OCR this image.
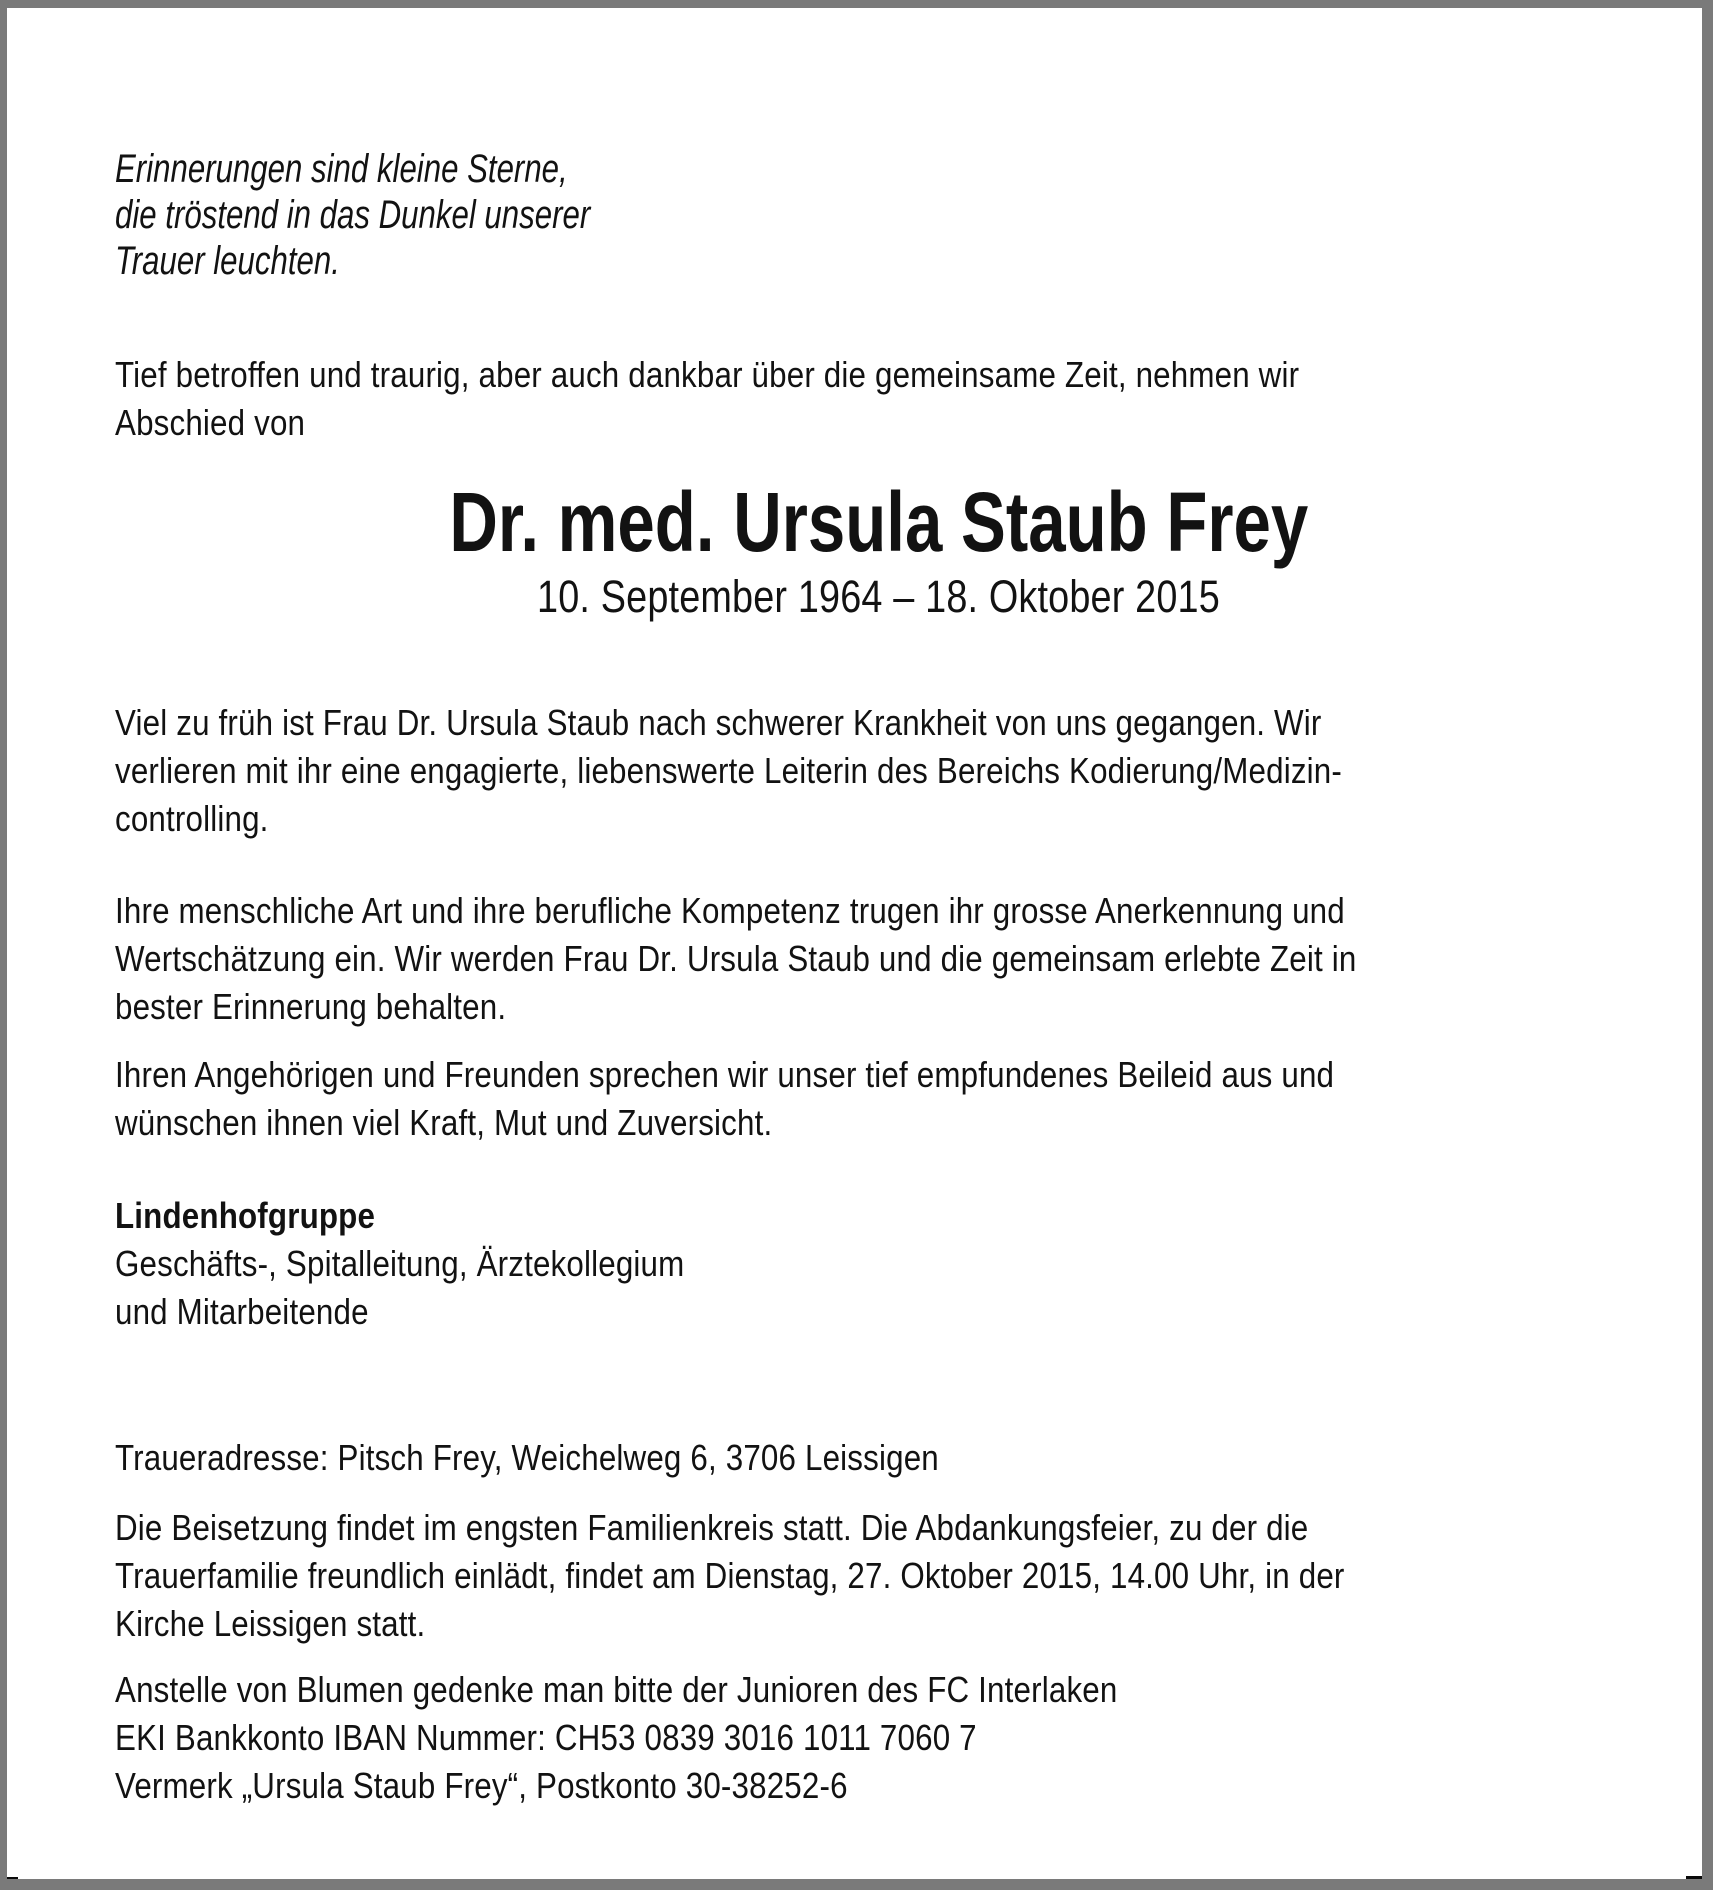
Erinnerungen sind kleine Sterne,
die tröstend in das Dunkel unserer
Trauer leuchten.
Tief betroffen und traurig, aber auch dankbar über die gemeinsame Zeit, nehmen wir
Abschied von
Dr. med. Ursula Staub Frey
10. September 1964 – 18. Oktober 2015
Viel zu früh ist Frau Dr. Ursula Staub nach schwerer Krankheit von uns gegangen. Wir
verlieren mit ihr eine engagierte, liebenswerte Leiterin des Bereichs Kodierung/Medizin-
controlling.
Ihre menschliche Art und ihre berufliche Kompetenz trugen ihr grosse Anerkennung und
Wertschätzung ein. Wir werden Frau Dr. Ursula Staub und die gemeinsam erlebte Zeit in
bester Erinnerung behalten.
Ihren Angehörigen und Freunden sprechen wir unser tief empfundenes Beileid aus und
wünschen ihnen viel Kraft, Mut und Zuversicht.
Lindenhofgruppe
Geschäfts-, Spitalleitung, Ärztekollegium
und Mitarbeitende
Traueradresse: Pitsch Frey, Weichelweg 6, 3706 Leissigen
Die Beisetzung findet im engsten Familienkreis statt. Die Abdankungsfeier, zu der die
Trauerfamilie freundlich einlädt, findet am Dienstag, 27. Oktober 2015, 14.00 Uhr, in der
Kirche Leissigen statt.
Anstelle von Blumen gedenke man bitte der Junioren des FC Interlaken
EKI Bankkonto IBAN Nummer: CH53 0839 3016 1011 7060 7
Vermerk „Ursula Staub Frey“, Postkonto 30-38252-6
